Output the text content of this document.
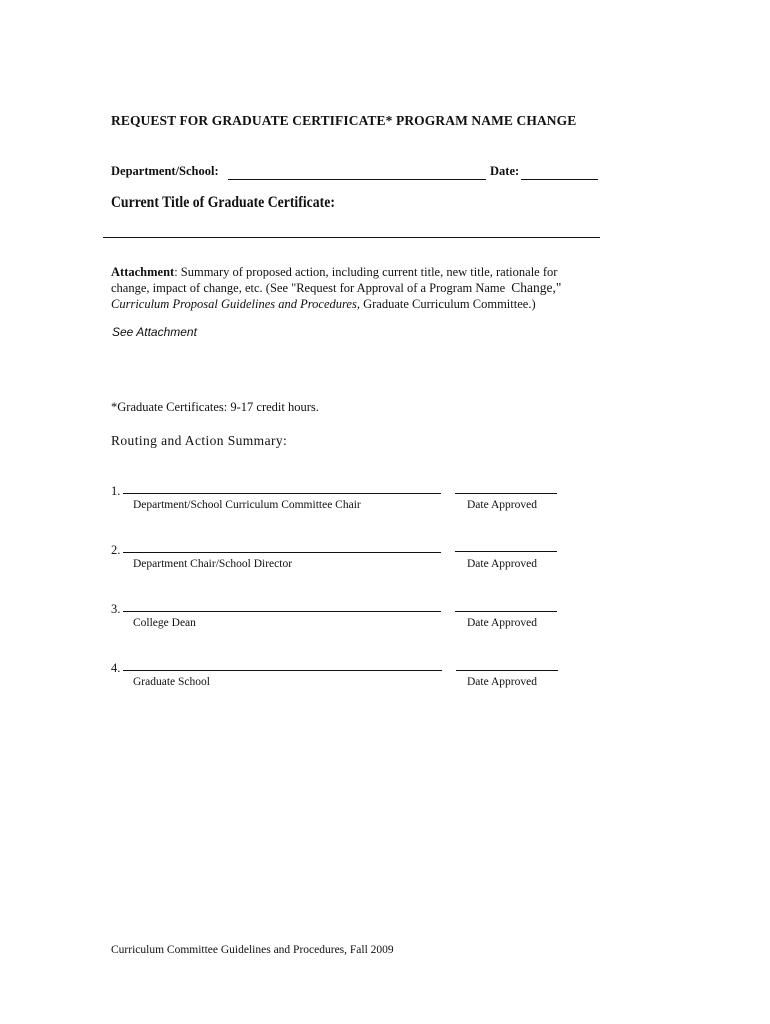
REQUEST FOR GRADUATE CERTIFICATE* PROGRAM NAME CHANGE
Department/School:	Date:
Current Title of Graduate Certificate:
Attachment: Summary of proposed action, including current title, new title, rationale for
change, impact of change, etc. (See "Request for Approval of a Program Name Change,"
Curriculum Proposal Guidelines and Procedures, Graduate Curriculum Committee.)
See Attachment
*Graduate Certificates: 9-17 credit hours.
Routing and Action Summary:
1.
Department/School Curriculum Committee Chair	Date Approved
2.
Department Chair/School Director	Date Approved
3.
College Dean	Date Approved
4.
Graduate School	Date Approved
Curriculum Committee Guidelines and Procedures, Fall 2009
